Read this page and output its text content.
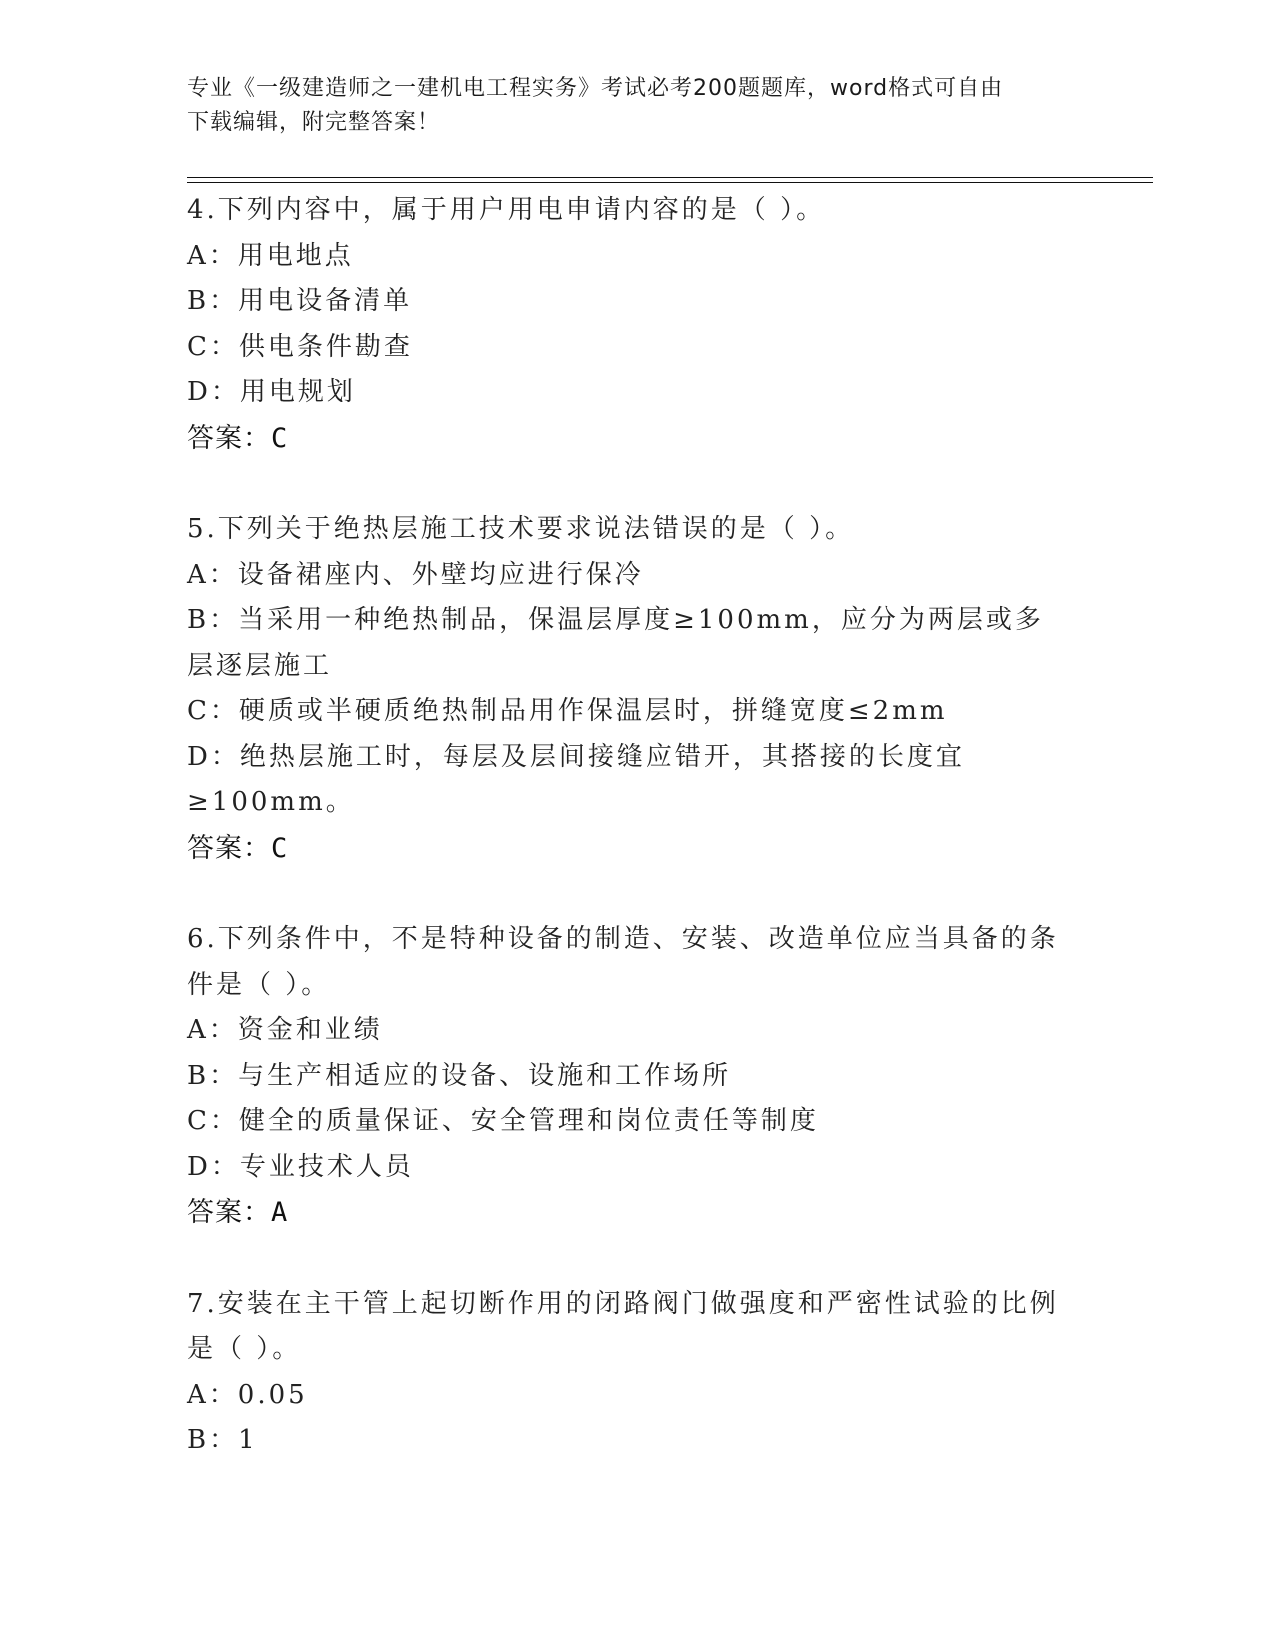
专业《一级建造师之一建机电工程实务》考试必考200题题库，word格式可自由
下载编辑，附完整答案！
4.下列内容中，属于用户用电申请内容的是（ ）。
A：用电地点
B：用电设备清单
C：供电条件勘查
D：用电规划
答案：C
5.下列关于绝热层施工技术要求说法错误的是（ ）。
A：设备裙座内、外壁均应进行保冷
B：当采用一种绝热制品，保温层厚度≥100mm，应分为两层或多层逐层施工
C：硬质或半硬质绝热制品用作保温层时，拼缝宽度≤2mm
D：绝热层施工时，每层及层间接缝应错开，其搭接的长度宜≥100mm。
答案：C
6.下列条件中，不是特种设备的制造、安装、改造单位应当具备的条件是（ ）。
A：资金和业绩
B：与生产相适应的设备、设施和工作场所
C：健全的质量保证、安全管理和岗位责任等制度
D：专业技术人员
答案：A
7.安装在主干管上起切断作用的闭路阀门做强度和严密性试验的比例是（ ）。
A：0.05
B：1
